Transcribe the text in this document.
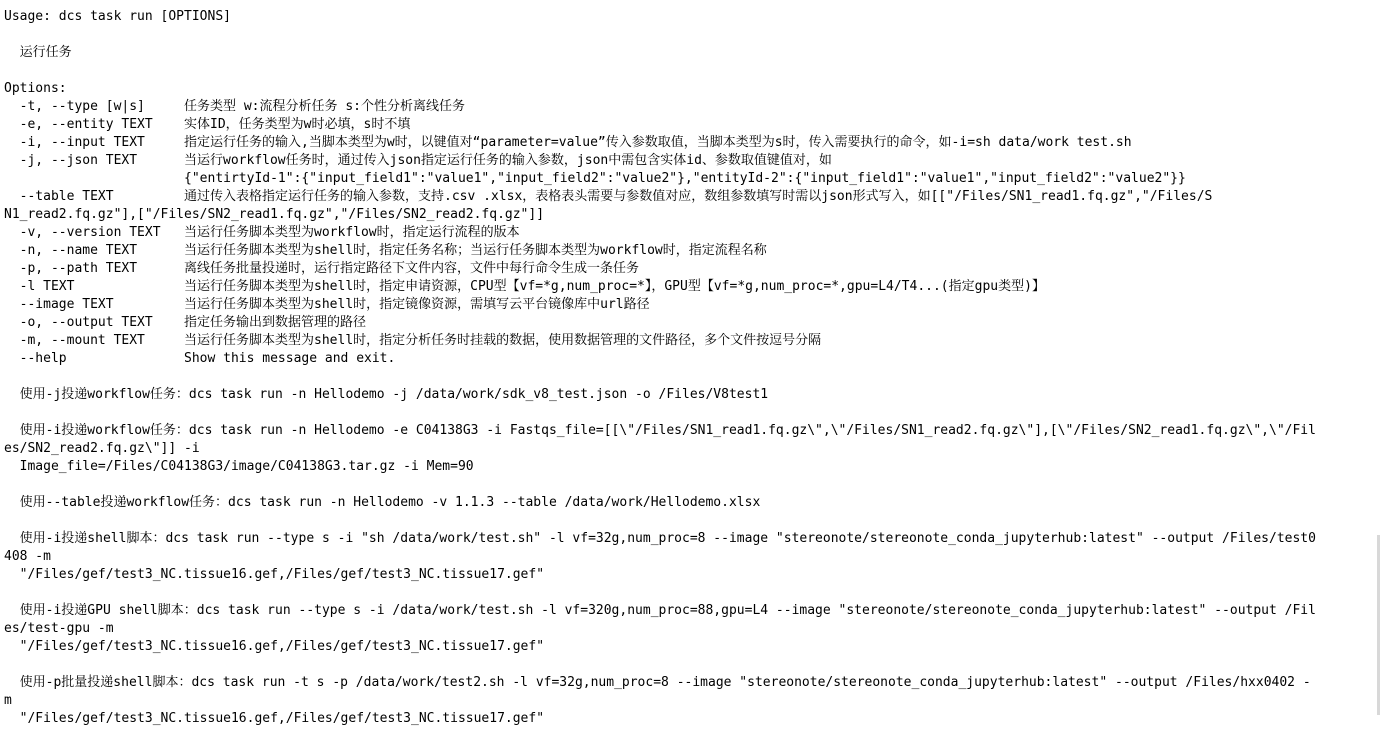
Usage: dcs task run [OPTIONS]
运行任务
Options:
-t, --type [w|s]     任务类型 w:流程分析任务 s:个性分析离线任务
-e, --entity TEXT    实体ID，任务类型为w时必填，s时不填
-i, --input TEXT     指定运行任务的输入,当脚本类型为w时，以键值对“parameter=value”传入参数取值，当脚本类型为s时，传入需要执行的命令，如-i=sh data/work test.sh
-j, --json TEXT      当运行workflow任务时，通过传入json指定运行任务的输入参数，json中需包含实体id、参数取值键值对，如
{"entirtyId-1":{"input_field1":"value1","input_field2":"value2"},"entityId-2":{"input_field1":"value1","input_field2":"value2"}}
--table TEXT         通过传入表格指定运行任务的输入参数，支持.csv .xlsx，表格表头需要与参数值对应，数组参数填写时需以json形式写入，如[["/Files/SN1_read1.fq.gz","/Files/S
N1_read2.fq.gz"],["/Files/SN2_read1.fq.gz","/Files/SN2_read2.fq.gz"]]
-v, --version TEXT   当运行任务脚本类型为workflow时，指定运行流程的版本
-n, --name TEXT      当运行任务脚本类型为shell时，指定任务名称；当运行任务脚本类型为workflow时，指定流程名称
-p, --path TEXT      离线任务批量投递时，运行指定路径下文件内容，文件中每行命令生成一条任务
-l TEXT              当运行任务脚本类型为shell时，指定申请资源，CPU型【vf=*g,num_proc=*】，GPU型【vf=*g,num_proc=*,gpu=L4/T4...(指定gpu类型)】
--image TEXT         当运行任务脚本类型为shell时，指定镜像资源，需填写云平台镜像库中url路径
-o, --output TEXT    指定任务输出到数据管理的路径
-m, --mount TEXT     当运行任务脚本类型为shell时，指定分析任务时挂载的数据，使用数据管理的文件路径，多个文件按逗号分隔
--help               Show this message and exit.
使用-j投递workflow任务：dcs task run -n Hellodemo -j /data/work/sdk_v8_test.json -o /Files/V8test1
使用-i投递workflow任务：dcs task run -n Hellodemo -e C04138G3 -i Fastqs_file=[[\"/Files/SN1_read1.fq.gz\",\"/Files/SN1_read2.fq.gz\"],[\"/Files/SN2_read1.fq.gz\",\"/Fil
es/SN2_read2.fq.gz\"]] -i
Image_file=/Files/C04138G3/image/C04138G3.tar.gz -i Mem=90
使用--table投递workflow任务：dcs task run -n Hellodemo -v 1.1.3 --table /data/work/Hellodemo.xlsx
使用-i投递shell脚本：dcs task run --type s -i "sh /data/work/test.sh" -l vf=32g,num_proc=8 --image "stereonote/stereonote_conda_jupyterhub:latest" --output /Files/test0
408 -m
"/Files/gef/test3_NC.tissue16.gef,/Files/gef/test3_NC.tissue17.gef"
使用-i投递GPU shell脚本：dcs task run --type s -i /data/work/test.sh -l vf=320g,num_proc=88,gpu=L4 --image "stereonote/stereonote_conda_jupyterhub:latest" --output /Fil
es/test-gpu -m
"/Files/gef/test3_NC.tissue16.gef,/Files/gef/test3_NC.tissue17.gef"
使用-p批量投递shell脚本：dcs task run -t s -p /data/work/test2.sh -l vf=32g,num_proc=8 --image "stereonote/stereonote_conda_jupyterhub:latest" --output /Files/hxx0402 -
m
"/Files/gef/test3_NC.tissue16.gef,/Files/gef/test3_NC.tissue17.gef"
